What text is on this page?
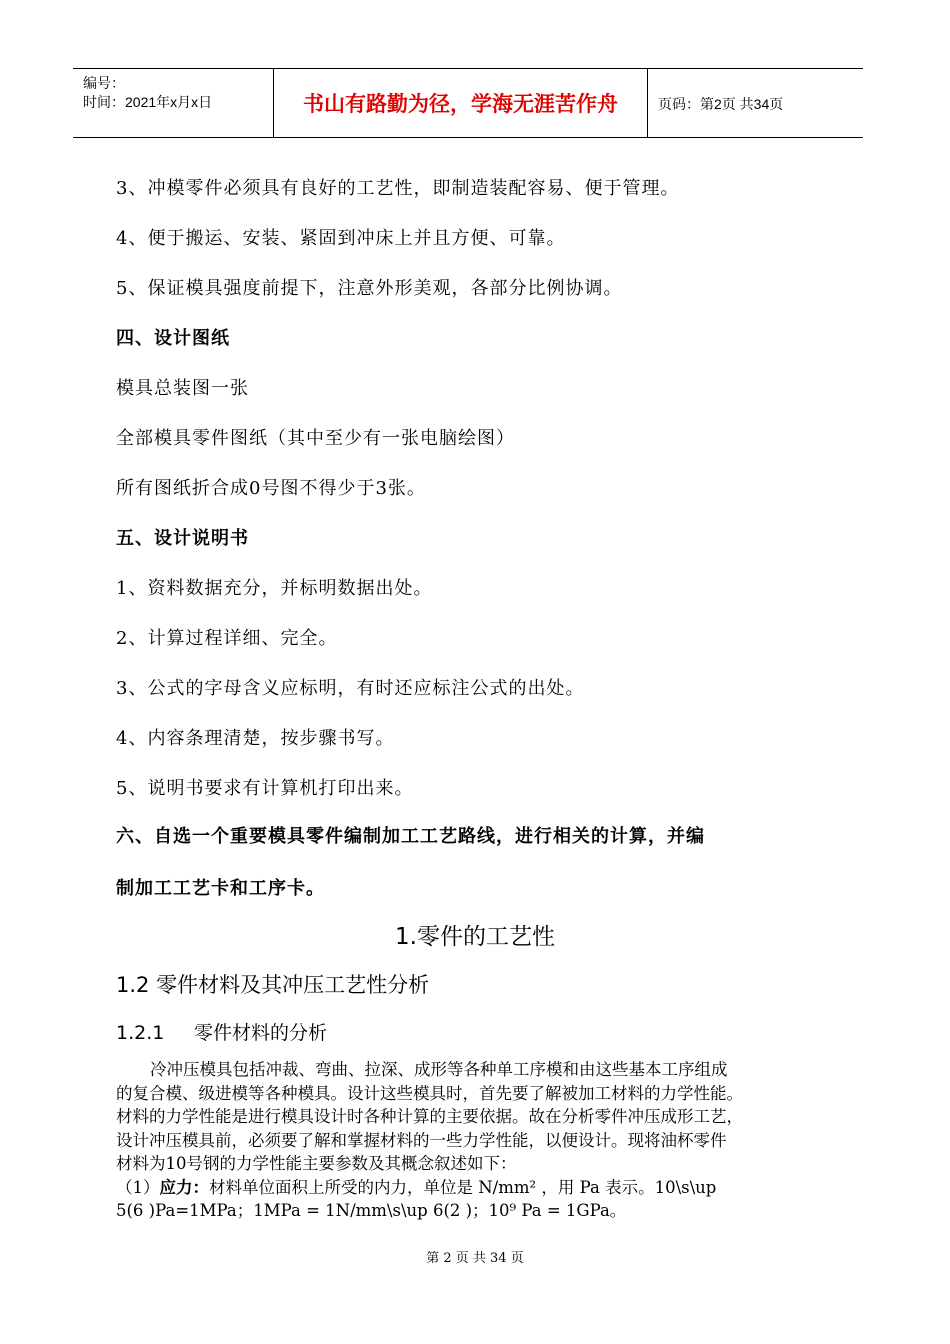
编号：
时间：2021年x月x日	书山有路勤为径，学海无涯苦作舟	页码：第2页 共34页
3、冲模零件必须具有良好的工艺性，即制造装配容易、便于管理。
4、便于搬运、安装、紧固到冲床上并且方便、可靠。
5、保证模具强度前提下，注意外形美观，各部分比例协调。
四、设计图纸
模具总装图一张
全部模具零件图纸（其中至少有一张电脑绘图）
所有图纸折合成0号图不得少于3张。
五、设计说明书
1、资料数据充分，并标明数据出处。
2、计算过程详细、完全。
3、公式的字母含义应标明，有时还应标注公式的出处。
4、内容条理清楚，按步骤书写。
5、说明书要求有计算机打印出来。
六、自选一个重要模具零件编制加工工艺路线，进行相关的计算，并编
制加工工艺卡和工序卡。
1.零件的工艺性
1.2 零件材料及其冲压工艺性分析
1.2.1 零件材料的分析

冷冲压模具包括冲裁、弯曲、拉深、成形等各种单工序模和由这些基本工序组成

的复合模、级进模等各种模具。设计这些模具时，首先要了解被加工材料的力学性能。

材料的力学性能是进行模具设计时各种计算的主要依据。故在分析零件冲压成形工艺，

设计冲压模具前，必须要了解和掌握材料的一些力学性能，以便设计。现将油杯零件

材料为10号钢的力学性能主要参数及其概念叙述如下：

（1）应力：材料单位面积上所受的内力，单位是 N/mm² ，用 Pa 表示。10\s\up

5(6 )Pa=1MPa；1MPa = 1N/mm\s\up 6(2 )；10⁹ Pa = 1GPa。

第 2 页 共 34 页
